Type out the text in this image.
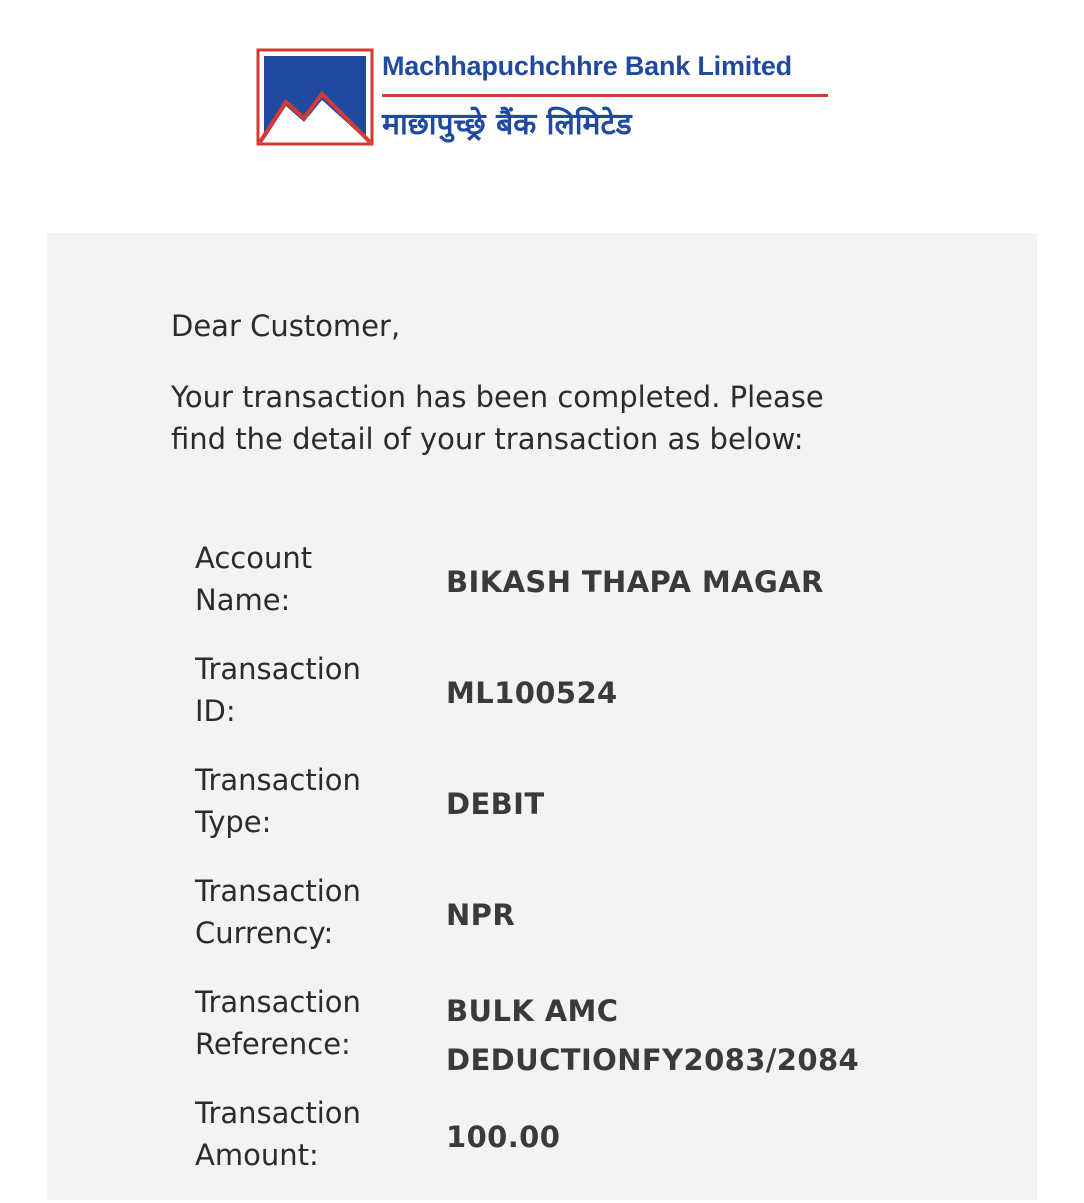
Machhapuchchhre Bank Limited
माछापुच्छ्रे बैंक लिमिटेड

Dear Customer,

Your transaction has been completed. Please find the detail of your transaction as below:

Account Name:
BIKASH THAPA MAGAR
Transaction ID:
ML100524
Transaction Type:
DEBIT
Transaction Currency:
NPR
Transaction Reference:
BULK AMC DEDUCTIONFY2083/2084
Transaction Amount:
100.00
